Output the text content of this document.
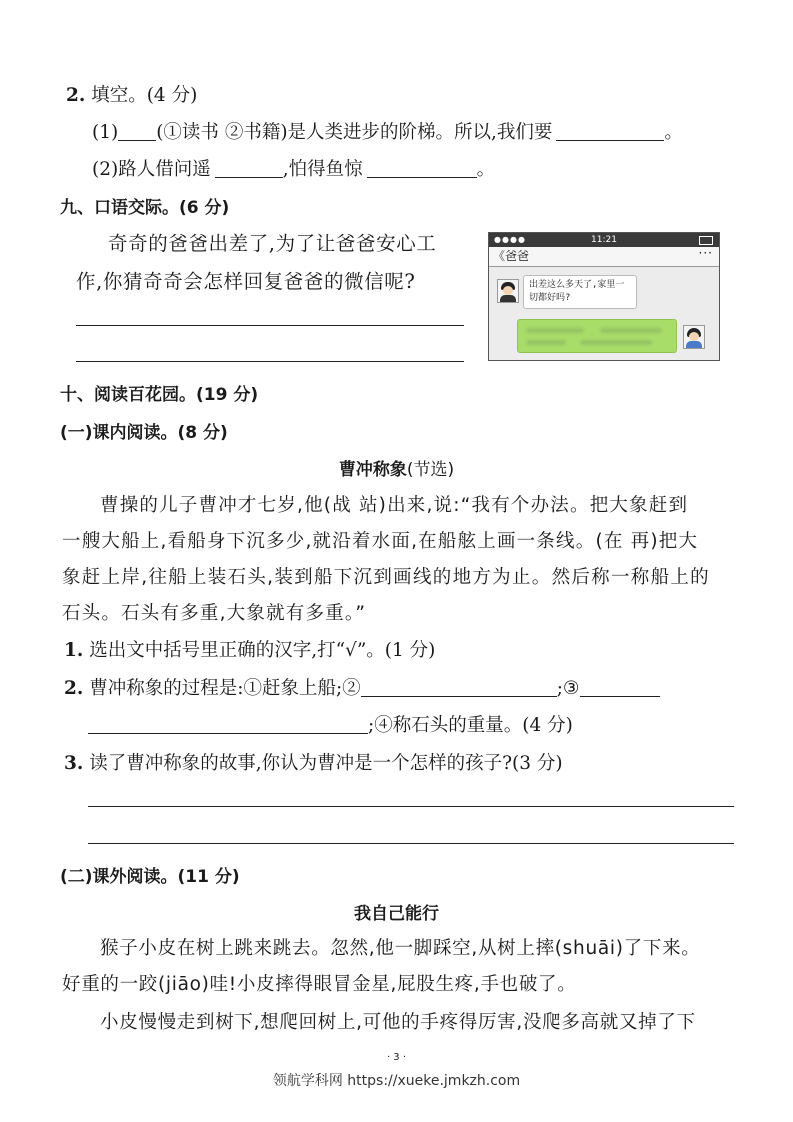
2. 填空。(4 分)
(1) (①读书 ②书籍)是人类进步的阶梯。所以,我们要	。
(2)路人借问遥	,怕得鱼惊	。
九、口语交际。(6 分)
奇奇的爸爸出差了,为了让爸爸安心工
作,你猜奇奇会怎样回复爸爸的微信呢?
●●●●	11:21
《爸爸	···
出差这么多天了,家里一切都好吗?
十、阅读百花园。(19 分)
(一)课内阅读。(8 分)
曹冲称象(节选)
曹操的儿子曹冲才七岁,他(战 站)出来,说:“我有个办法。把大象赶到
一艘大船上,看船身下沉多少,就沿着水面,在船舷上画一条线。(在 再)把大
象赶上岸,往船上装石头,装到船下沉到画线的地方为止。然后称一称船上的
石头。石头有多重,大象就有多重。”
1. 选出文中括号里正确的汉字,打“√”。(1 分)
2. 曹冲称象的过程是:①赶象上船;②	;③
;④称石头的重量。(4 分)
3. 读了曹冲称象的故事,你认为曹冲是一个怎样的孩子?(3 分)
(二)课外阅读。(11 分)
我自己能行
猴子小皮在树上跳来跳去。忽然,他一脚踩空,从树上摔(shuāi)了下来。
好重的一跤(jiāo)哇!小皮摔得眼冒金星,屁股生疼,手也破了。
小皮慢慢走到树下,想爬回树上,可他的手疼得厉害,没爬多高就又掉了下
· 3 ·
领航学科网 https://xueke.jmkzh.com
